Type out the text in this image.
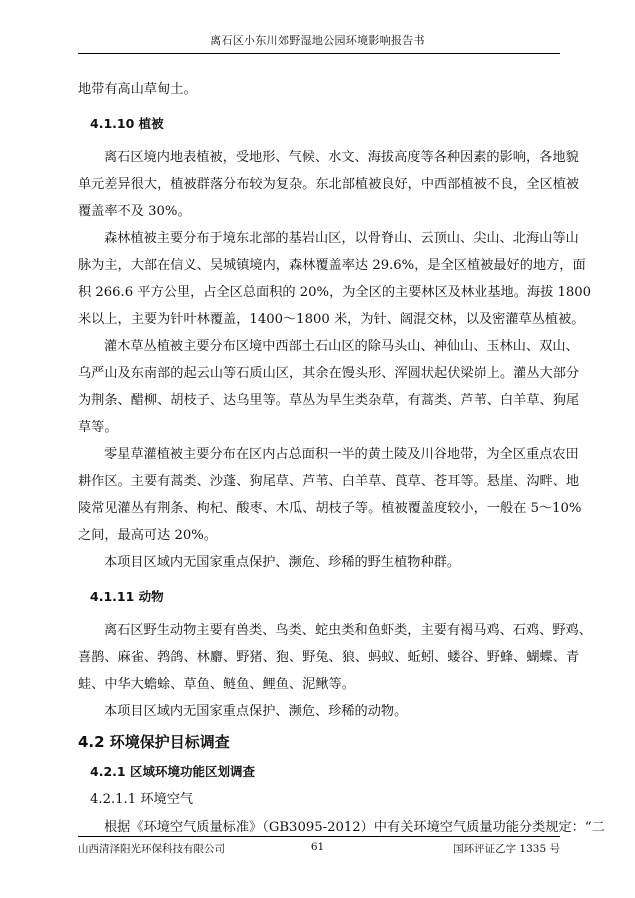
离石区小东川郊野湿地公园环境影响报告书
地带有高山草甸土。
4.1.10 植被
离石区境内地表植被，受地形、气候、水文、海拔高度等各种因素的影响，各地貌
单元差异很大，植被群落分布较为复杂。东北部植被良好，中西部植被不良，全区植被
覆盖率不及 30%。
森林植被主要分布于境东北部的基岩山区，以骨脊山、云顶山、尖山、北海山等山
脉为主，大部在信义、吴城镇境内，森林覆盖率达 29.6%，是全区植被最好的地方，面
积 266.6 平方公里，占全区总面积的 20%，为全区的主要林区及林业基地。海拔 1800
米以上，主要为针叶林覆盖，1400～1800 米，为针、阔混交林，以及密灌草丛植被。
灌木草丛植被主要分布区境中西部土石山区的除马头山、神仙山、玉林山、双山、
乌严山及东南部的起云山等石质山区，其余在馒头形、浑圆状起伏梁峁上。灌丛大部分
为荆条、醋柳、胡枝子、达乌里等。草丛为旱生类杂草，有蒿类、芦苇、白羊草、狗尾
草等。
零星草灌植被主要分布在区内占总面积一半的黄土陵及川谷地带，为全区重点农田
耕作区。主要有蒿类、沙蓬、狗尾草、芦苇、白羊草、莨草、苍耳等。悬崖、沟畔、地
陵常见灌丛有荆条、枸杞、酸枣、木瓜、胡枝子等。植被覆盖度较小，一般在 5～10%
之间，最高可达 20%。
本项目区域内无国家重点保护、濒危、珍稀的野生植物种群。
4.1.11 动物
离石区野生动物主要有兽类、鸟类、蛇虫类和鱼虾类，主要有褐马鸡、石鸡、野鸡、
喜鹊、麻雀、鹁鸽、林麝、野猪、狍、野兔、狼、蚂蚁、蚯蚓、蝼谷、野蜂、蝴蝶、青
蛙、中华大蟾蜍、草鱼、鲢鱼、鲤鱼、泥鳅等。
本项目区域内无国家重点保护、濒危、珍稀的动物。
4.2 环境保护目标调查
4.2.1 区域环境功能区划调查
4.2.1.1 环境空气
根据《环境空气质量标准》（GB3095-2012）中有关环境空气质量功能分类规定：“二
山西清泽阳光环保科技有限公司	61	国环评证乙字 1335 号
